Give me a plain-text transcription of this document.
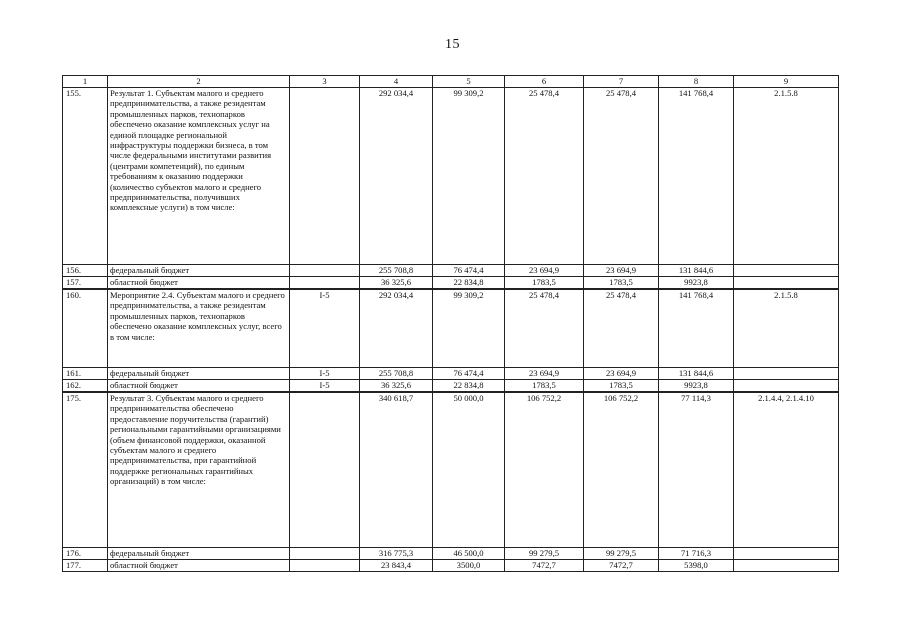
15
1	2	3	4	5	6	7	8	9
155.	Результат 1. Субъектам малого и среднего предпринимательства, а также резидентам промышленных парков, технопарков обеспечено оказание комплексных услуг на единой площадке региональной инфраструктуры поддержки бизнеса, в том числе федеральными институтами развития (центрами компетенций), по единым требованиям к оказанию поддержки (количество субъектов малого и среднего предпринимательства, получивших комплексные услуги) в том числе:		292 034,4	99 309,2	25 478,4	25 478,4	141 768,4	2.1.5.8
156.	федеральный бюджет		255 708,8	76 474,4	23 694,9	23 694,9	131 844,6	
157.	областной бюджет		36 325,6	22 834,8	1783,5	1783,5	9923,8	
160.	Мероприятие 2.4. Субъектам малого и среднего предпринимательства, а также резидентам промышленных парков, технопарков обеспечено оказание комплексных услуг, всего в том числе:	I-5	292 034,4	99 309,2	25 478,4	25 478,4	141 768,4	2.1.5.8
161.	федеральный бюджет	I-5	255 708,8	76 474,4	23 694,9	23 694,9	131 844,6	
162.	областной бюджет	I-5	36 325,6	22 834,8	1783,5	1783,5	9923,8	
175.	Результат 3. Субъектам малого и среднего предпринимательства обеспечено предоставление поручительства (гарантий) региональными гарантийными организациями (объем финансовой поддержки, оказанной субъектам малого и среднего предпринимательства, при гарантийной поддержке региональных гарантийных организаций) в том числе:		340 618,7	50 000,0	106 752,2	106 752,2	77 114,3	2.1.4.4, 2.1.4.10
176.	федеральный бюджет		316 775,3	46 500,0	99 279,5	99 279,5	71 716,3	
177.	областной бюджет		23 843,4	3500,0	7472,7	7472,7	5398,0	
